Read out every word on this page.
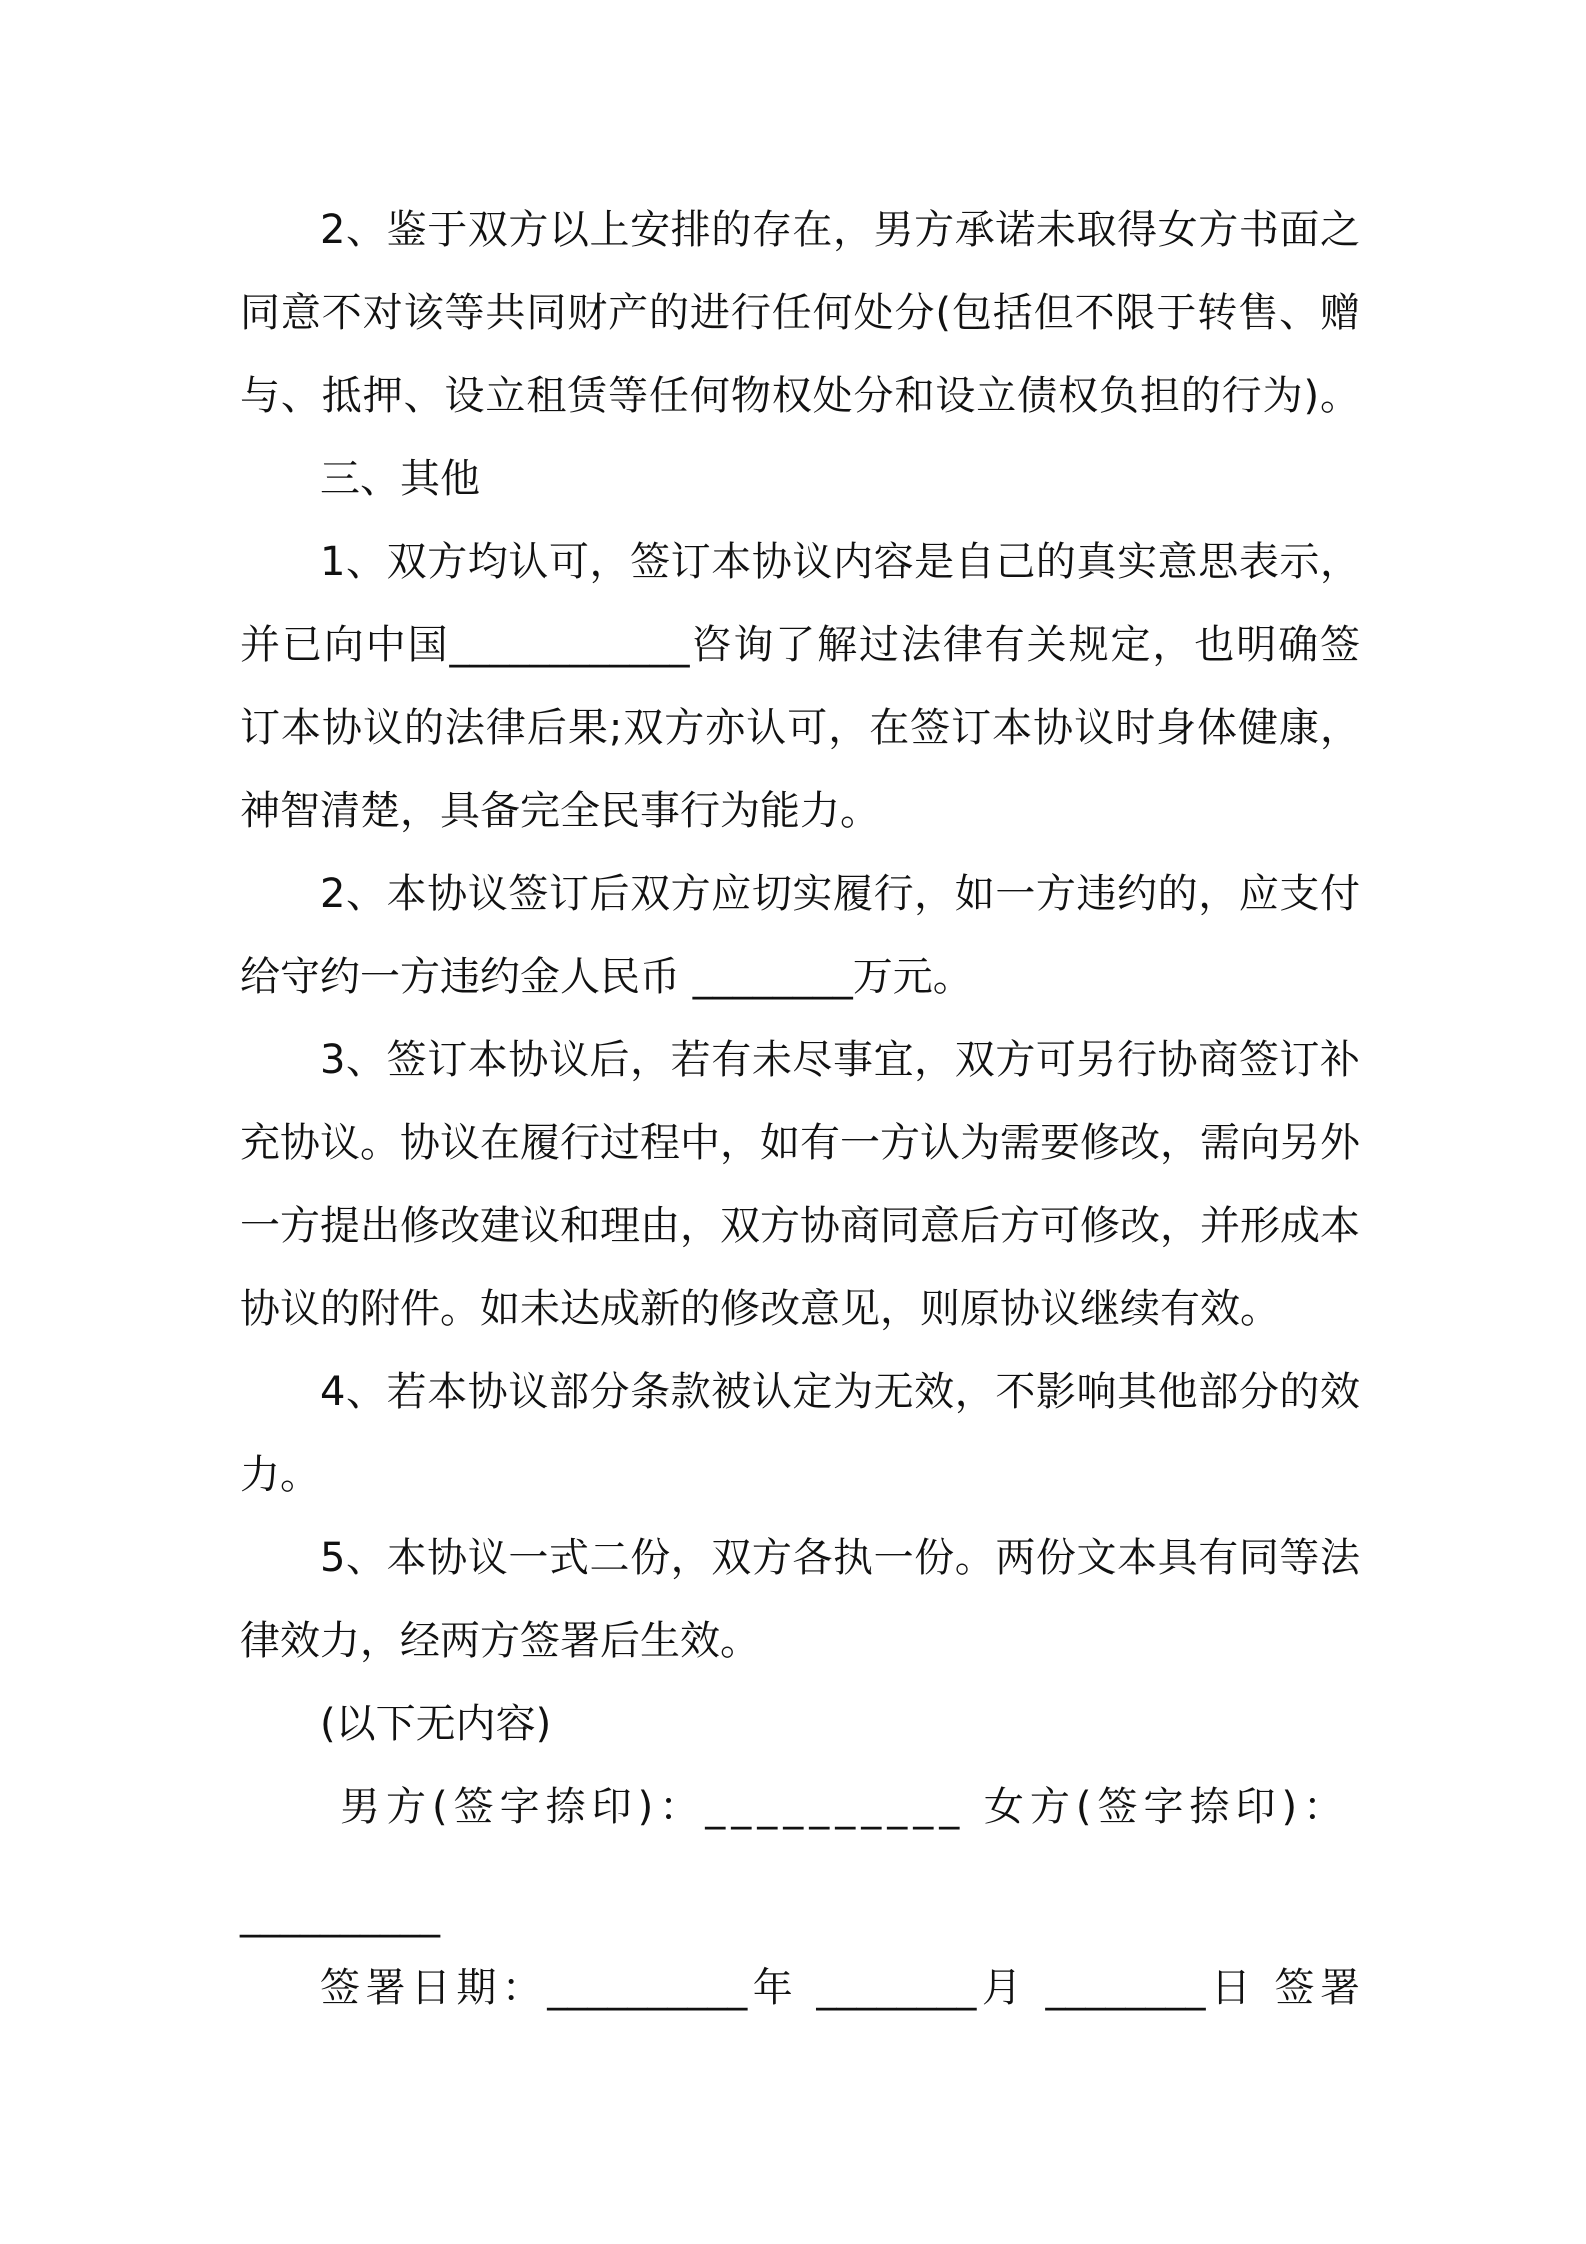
2、鉴于双方以上安排的存在，男方承诺未取得女方书面之
同意不对该等共同财产的进行任何处分(包括但不限于转售、赠
与、抵押、设立租赁等任何物权处分和设立债权负担的行为)。
三、其他
1、双方均认可，签订本协议内容是自己的真实意思表示，
并已向中国____________咨询了解过法律有关规定，也明确签
订本协议的法律后果;双方亦认可，在签订本协议时身体健康，
神智清楚，具备完全民事行为能力。
2、本协议签订后双方应切实履行，如一方违约的，应支付
给守约一方违约金人民币 ________万元。
3、签订本协议后，若有未尽事宜，双方可另行协商签订补
充协议。协议在履行过程中，如有一方认为需要修改，需向另外
一方提出修改建议和理由，双方协商同意后方可修改，并形成本
协议的附件。如未达成新的修改意见，则原协议继续有效。
4、若本协议部分条款被认定为无效，不影响其他部分的效
力。
5、本协议一式二份，双方各执一份。两份文本具有同等法
律效力，经两方签署后生效。
(以下无内容)
男方(签字捺印)：__________ 女方(签字捺印)：
__________
签署日期：__________年 ________月 ________日 签署
